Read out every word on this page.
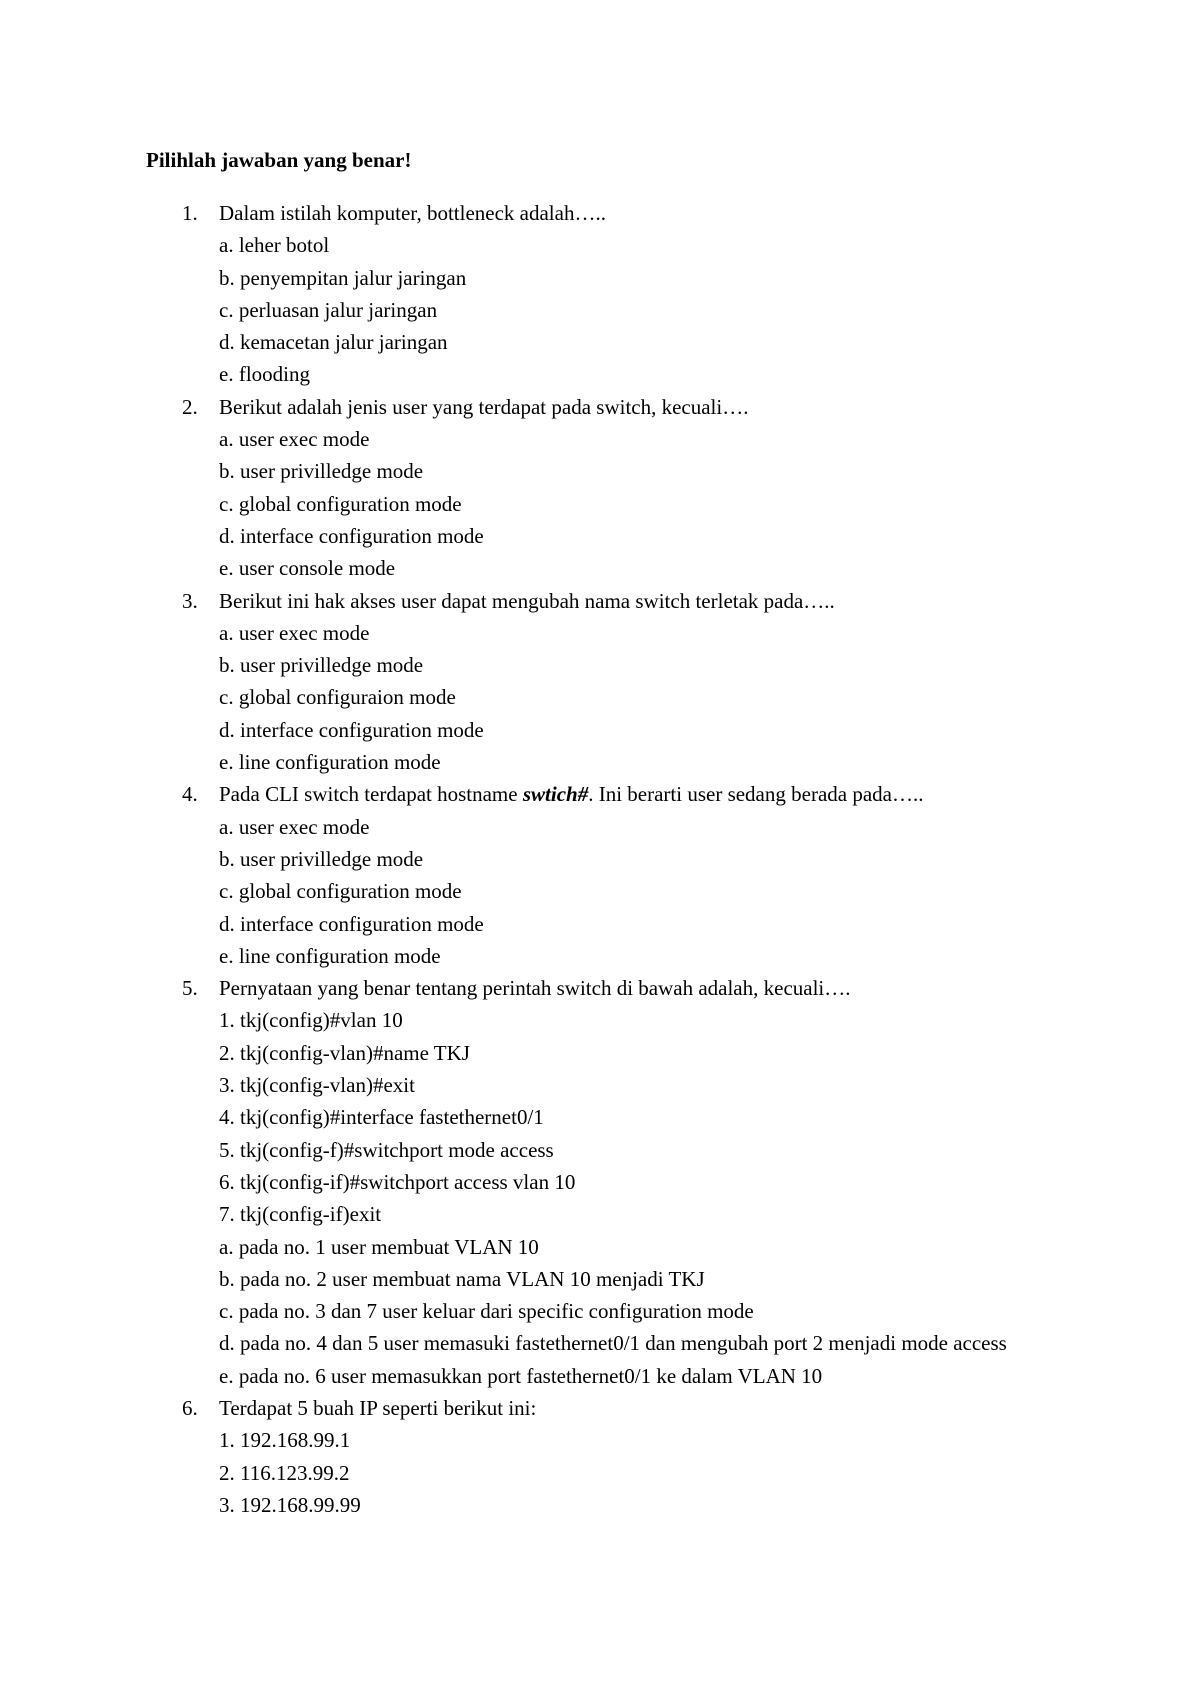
Pilihlah jawaban yang benar!
1. Dalam istilah komputer, bottleneck adalah…..
a. leher botol
b. penyempitan jalur jaringan
c. perluasan jalur jaringan
d. kemacetan jalur jaringan
e. flooding
2. Berikut adalah jenis user yang terdapat pada switch, kecuali….
a. user exec mode
b. user privilledge mode
c. global configuration mode
d. interface configuration mode
e. user console mode
3. Berikut ini hak akses user dapat mengubah nama switch terletak pada…..
a. user exec mode
b. user privilledge mode
c. global configuraion mode
d. interface configuration mode
e. line configuration mode
4. Pada CLI switch terdapat hostname swtich#. Ini berarti user sedang berada pada…..
a. user exec mode
b. user privilledge mode
c. global configuration mode
d. interface configuration mode
e. line configuration mode
5. Pernyataan yang benar tentang perintah switch di bawah adalah, kecuali….
1. tkj(config)#vlan 10
2. tkj(config-vlan)#name TKJ
3. tkj(config-vlan)#exit
4. tkj(config)#interface fastethernet0/1
5. tkj(config-f)#switchport mode access
6. tkj(config-if)#switchport access vlan 10
7. tkj(config-if)exit
a. pada no. 1 user membuat VLAN 10
b. pada no. 2 user membuat nama VLAN 10 menjadi TKJ
c. pada no. 3 dan 7 user keluar dari specific configuration mode
d. pada no. 4 dan 5 user memasuki fastethernet0/1 dan mengubah port 2 menjadi mode access
e. pada no. 6 user memasukkan port fastethernet0/1 ke dalam VLAN 10
6. Terdapat 5 buah IP seperti berikut ini:
1. 192.168.99.1
2. 116.123.99.2
3. 192.168.99.99
